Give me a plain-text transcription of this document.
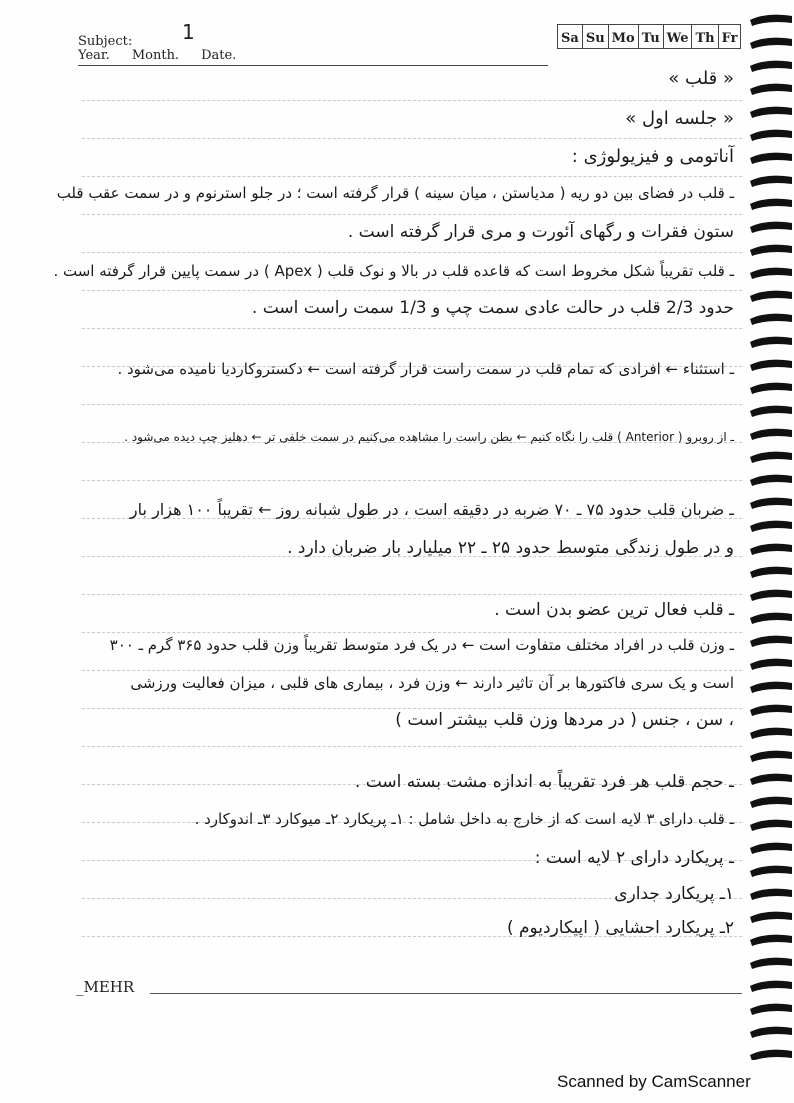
Subject: 1
Year. Month. Date.
Sa Su Mo Tu We Th Fr
« قلب »
« جلسه اول »
آناتومی و فیزیولوژی :
ـ قلب در فضای بین دو ریه ( مدیاستن ، میان سینه ) قرار گرفته است ؛ در جلو استرنوم و در سمت عقب قلب
ستون فقرات و رگهای آئورت و مری قرار گرفته است .
ـ قلب تقریباً شکل مخروط است که قاعده قلب در بالا و نوک قلب ( Apex ) در سمت پایین قرار گرفته است .
حدود 2/3 قلب در حالت عادی سمت چپ و 1/3 سمت راست است .
ـ استثناء ← افرادی که تمام قلب در سمت راست قرار گرفته است ← دکستروکاردیا نامیده می‌شود .
ـ از روبرو ( Anterior ) قلب را نگاه کنیم ← بطن راست را مشاهده می‌کنیم در سمت خلفی تر ← دهلیز چپ دیده می‌شود .
ـ ضربان قلب حدود ۷۵ ـ ۷۰ ضربه در دقیقه است ، در طول شبانه روز ← تقریباً ۱۰۰ هزار بار
و در طول زندگی متوسط حدود ۲۵ ـ ۲۲ میلیارد بار ضربان دارد .
ـ قلب فعال ترین عضو بدن است .
ـ وزن قلب در افراد مختلف متفاوت است ← در یک فرد متوسط تقریباً وزن قلب حدود ۳۶۵ گرم ـ ۳۰۰
است و یک سری فاکتورها بر آن تاثیر دارند ← وزن فرد ، بیماری های قلبی ، میزان فعالیت ورزشی
، سن ، جنس ( در مردها وزن قلب بیشتر است )
ـ حجم قلب هر فرد تقریباً به اندازه مشت بسته است .
ـ قلب دارای ۳ لایه است که از خارج به داخل شامل : ۱ـ پریکارد ۲ـ میوکارد ۳ـ اندوکارد .
ـ پریکارد دارای ۲ لایه است :
۱ـ پریکارد جداری
۲ـ پریکارد احشایی ( اپیکاردیوم )
_MEHR
Scanned by CamScanner
